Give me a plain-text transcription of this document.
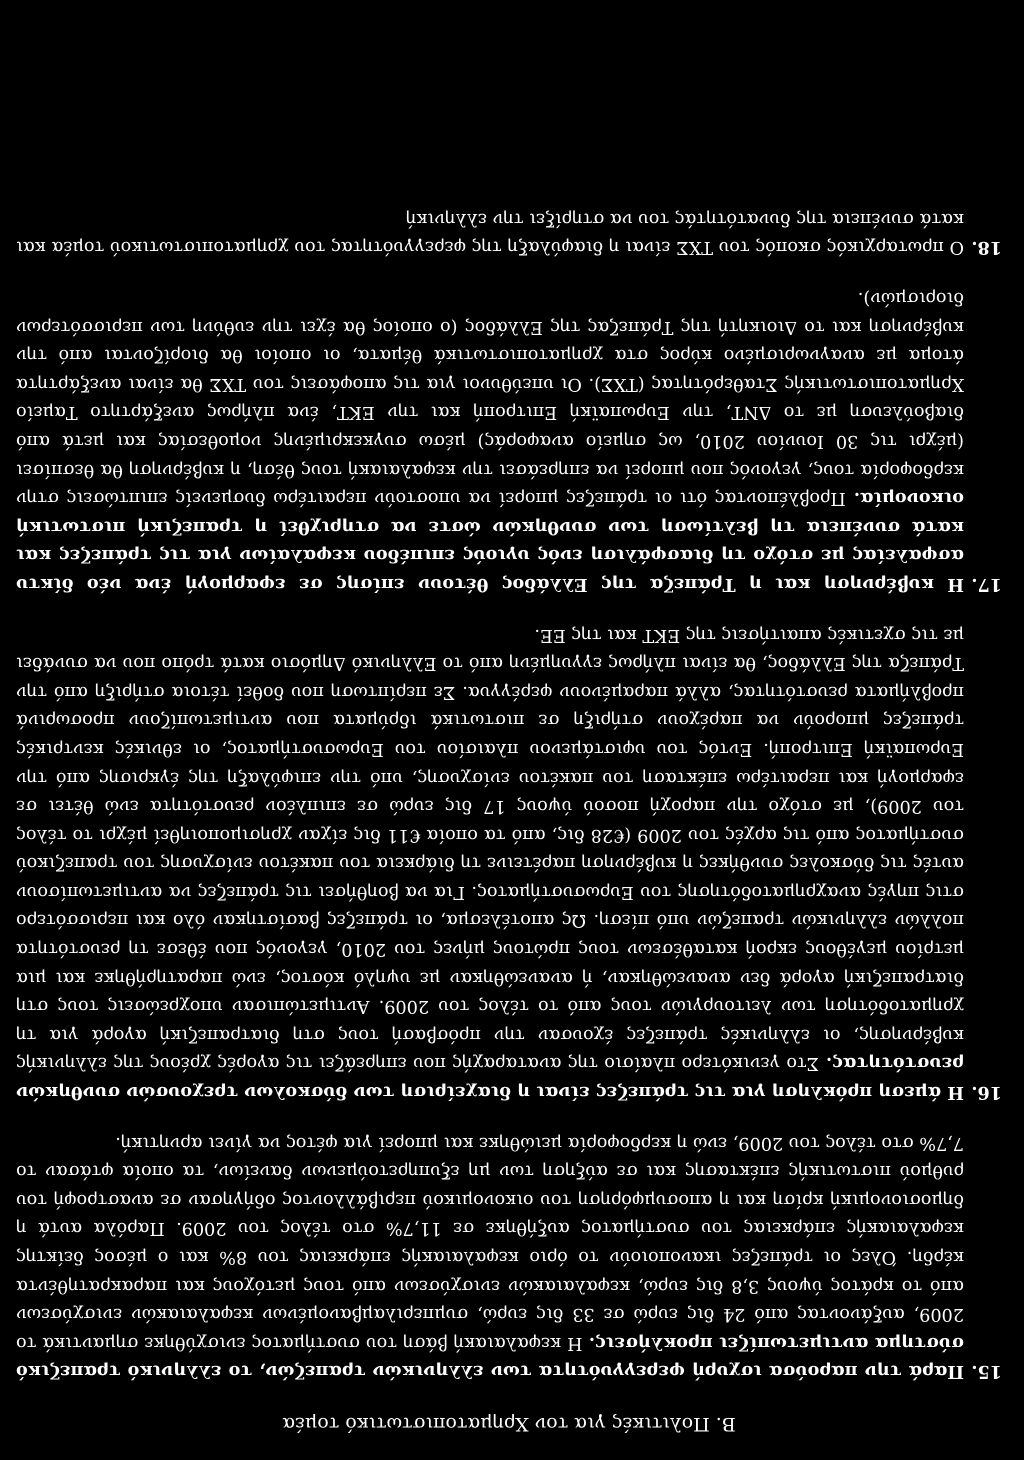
Β. Πολιτικές για τον Χρηματοπιστωτικό τομέα
15.
Παρά την παρούσα ισχυρή φερεγγυότητα των ελληνικών τραπεζών, το ελληνικό τραπεζικό σύστημα αντιμετωπίζει προκλήσεις. Η κεφαλαιακή βάση του συστήματος ενισχύθηκε σημαντικά το 2009, αυξάνοντας από 24 δις ευρώ σε 33 δις ευρώ, συμπεριλαμβανομένων κεφαλαιακών ενισχύσεων από το κράτος ύψους 3,8 δις ευρώ, κεφαλαιακών ενισχύσεων από τους μετόχους και παρακρατηθέντα κέρδη. Όλες οι τράπεζες ικανοποιούν το όριο κεφαλαιακής επάρκειας του 8% και ο μέσος δείκτης κεφαλαιακής επάρκειας του συστήματος αυξήθηκε σε 11,7% στο τέλος του 2009. Παρόλα αυτά η δημοσιονομική κρίση και η αποσυμφόρηση του οικονομικού περιβάλλοντος οδήγησαν σε αναστροφή του ρυθμού πιστωτικής επέκτασης και σε αύξηση των μη εξυπηρετούμενων δανείων, τα οποία φτάσαν το 7,7% στο τέλος του 2009, ενώ η κερδοφορία μειώθηκε και μπορεί για φέτος να γίνει αρνητική.
16.
Η άμεση πρόκληση για τις τράπεζες είναι η διαχείριση των δύσκολων τρεχουσών συνθηκών ρευστότητας. Στο γενικότερο πλαίσιο της αναταραχής που επηρεάζει τις αγορές χρέους της ελληνικής κυβέρνησης, οι ελληνικές τράπεζες έχουσαν την πρόσβασή τους στη διατραπεζική αγορά για τη χρηματοδότηση των λειτουργιών τους από το τέλος του 2009. Αντιμετώπισαν υποχρεώσεις τους στη διατραπεζική αγορά δεν ανανεώθηκαν, ή ανανεώθηκαν με υψηλό κόστος, ενώ παρατηρήθηκε και μια μετρίου μεγέθους εκροή καταθέσεων τους πρώτους μήνες του 2010, γεγονός που έθεσε τη ρευστότητα πολλών ελληνικών τραπεζών υπό πίεση. Ως αποτέλεσμα, οι τράπεζες βασίστηκαν όλο και περισσότερο στις πηγές αναχρηματοδότησης του Ευρωσυστήματος. Για να βοηθήσει τις τράπεζες να αντιμετωπίσουν αυτές τις δύσκολες συνθήκες η κυβέρνηση παρέτεινε τη διάρκεια του πακέτου ενίσχυσης του τραπεζικού συστήματος από τις αρχές του 2009 (€28 δις, από τα οποία €11 δις είχαν χρησιμοποιηθεί μέχρι το τέλος του 2009), με στόχο την παροχή ποσού ύψους 17 δις ευρώ σε επιπλέον ρευστότητα ενώ θέτει σε εφαρμογή και περαιτέρω επέκταση του πακέτου ενίσχυσης, υπό την επιφύλαξη της έγκρισης από την Ευρωπαϊκή Επιτροπή. Εντός του υφιστάμενου πλαισίου του Ευρωσυστήματος, οι εθνικές κεντρικές τράπεζες μπορούν να παρέχουν στήριξη σε πιστωτικά ιδρύματα που αντιμετωπίζουν προσωρινά προβλήματα ρευστότητας, αλλά παραμένουν φερέγγυα. Σε περίπτωση που δοθεί τέτοια στήριξη από την Τράπεζα της Ελλάδος, θα είναι πλήρως εγγυημένη από το Ελληνικό Δημόσιο κατά τρόπο που να συνάδει με τις σχετικές απαιτήσεις της ΕΚΤ και της ΕΕ.
17.
Η κυβέρνηση και η Τράπεζα της Ελλάδος θέτουν επίσης σε εφαρμογή ένα νέο δίκτυ ασφαλείας με στόχο τη διασφάλιση ενός υγιούς επιπέδου κεφαλαίων για τις τράπεζες και κατά συνέπεια τη βελτίωση των συνθηκών ώστε να στηριχθεί η τραπεζική πιστωτική οικονομία. Προβλέποντας ότι οι τράπεζες μπορεί να υποστούν περαιτέρω δυσμενείς επιπτώσεις στην κερδοφορία τους, γεγονός που μπορεί να επηρεάσει την κεφαλαιακή τους θέση, η κυβέρνηση θα θεσπίσει (μέχρι τις 30 Ιουνίου 2010, ως σημείο αναφοράς) μέσω συγκεκριμένης νομοθεσίας και μετά από διαβούλευση με το ΔΝΤ, την Ευρωπαϊκή Επιτροπή και την ΕΚΤ, ένα πλήρως ανεξάρτητο Ταμείο Χρηματοπιστωτικής Σταθερότητας (ΤΧΣ). Οι υπεύθυνοι για τις αποφάσεις του ΤΧΣ θα είναι ανεξάρτητα άτομα με αναγνωρισμένο κύρος στα χρηματοπιστωτικά θέματα, οι οποίοι θα διορίζονται από την κυβέρνηση και το Διοικητή της Τράπεζας της Ελλάδος (ο οποίος θα έχει την ευθύνη των περισσότερων διορισμών).
18.
Ο πρωταρχικός σκοπός του ΤΧΣ είναι η διαφύλαξη της φερεγγυότητας του χρηματοπιστωτικού τομέα και κατά συνέπεια της δυνατότητάς του να στηρίξει την ελληνική
